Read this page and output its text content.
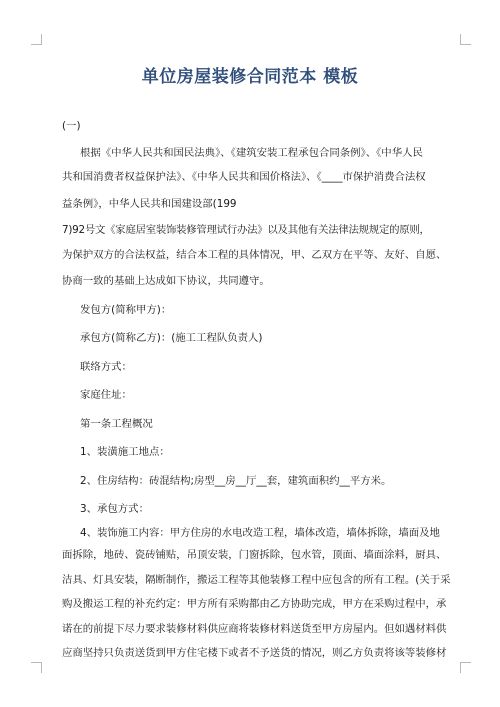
单位房屋装修合同范本 模板

(一)

根据《中华人民共和国民法典》、《建筑安装工程承包合同条例》、《中华人民

共和国消费者权益保护法》、《中华人民共和国价格法》、《____市保护消费合法权

益条例》，中华人民共和国建设部(199

7)92号文《家庭居室装饰装修管理试行办法》以及其他有关法律法规规定的原则，

为保护双方的合法权益，结合本工程的具体情况，甲、乙双方在平等、友好、自愿、

协商一致的基础上达成如下协议，共同遵守。

发包方(简称甲方)：

承包方(简称乙方)：(施工工程队负责人)

联络方式：

家庭住址：

第一条工程概况

1、装潢施工地点：

2、住房结构：砖混结构;房型__房__厅__套，建筑面积约__平方米。

3、承包方式：

4、装饰施工内容：甲方住房的水电改造工程，墙体改造，墙体拆除，墙面及地

面拆除，地砖、瓷砖铺贴，吊顶安装，门窗拆除，包水管，顶面、墙面涂料，厨具、

洁具、灯具安装，隔断制作，搬运工程等其他装修工程中应包含的所有工程。(关于采

购及搬运工程的补充约定：甲方所有采购都由乙方协助完成，甲方在采购过程中，承

诺在的前提下尽力要求装修材料供应商将装修材料送货至甲方房屋内。但如遇材料供

应商坚持只负责送货到甲方住宅楼下或者不予送货的情况，则乙方负责将该等装修材
